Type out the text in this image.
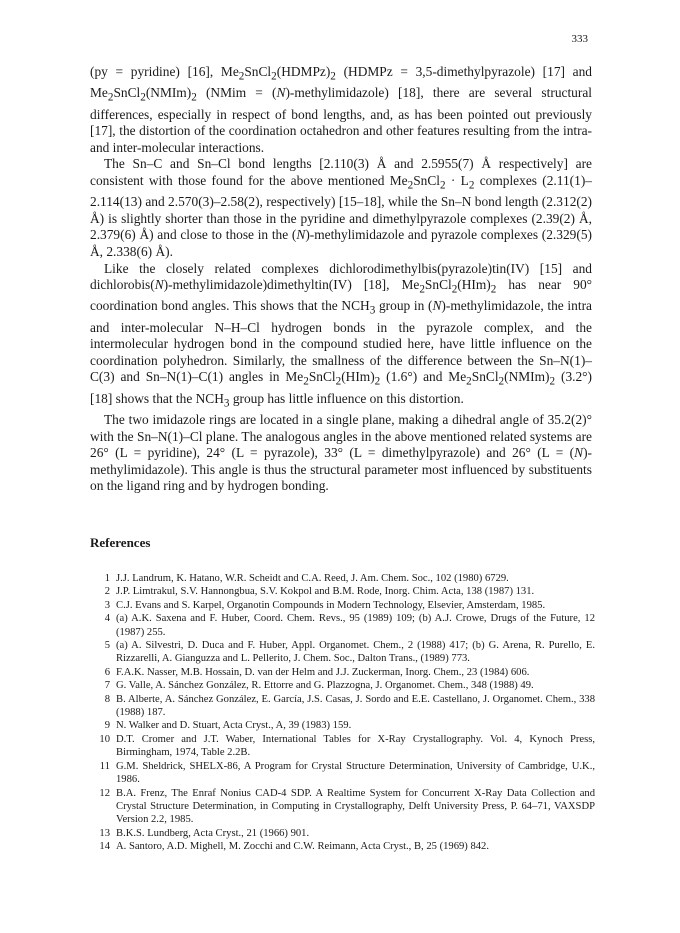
333

(py = pyridine) [16], $Me_2SnCl_2(HDMPz)_2$ (HDMPz = 3,5-dimethylpyrazole) [17] and $Me_2SnCl_2(NMIm)_2$ (NMim = (N)-methylimidazole) [18], there are several structural differences, especially in respect of bond lengths, and, as has been pointed out previously [17], the distortion of the coordination octahedron and other features resulting from the intra- and inter-molecular interactions.

The Sn–C and Sn–Cl bond lengths [2.110(3) Å and 2.5955(7) Å respectively] are consistent with those found for the above mentioned $Me_2SnCl_2 \cdot L_2$ complexes (2.11(1)–2.114(13) and 2.570(3)–2.58(2), respectively) [15–18], while the Sn–N bond length (2.312(2) Å) is slightly shorter than those in the pyridine and dimethylpyrazole complexes (2.39(2) Å, 2.379(6) Å) and close to those in the (N)-methylimidazole and pyrazole complexes (2.329(5) Å, 2.338(6) Å).

Like the closely related complexes dichlorodimethylbis(pyrazole)tin(IV) [15] and dichlorobis(N)-methylimidazole)dimethyltin(IV) [18], $Me_2SnCl_2(HIm)_2$ has near 90° coordination bond angles. This shows that the $NCH_3$ group in (N)-methylimidazole, the intra and inter-molecular N–H–Cl hydrogen bonds in the pyrazole complex, and the intermolecular hydrogen bond in the compound studied here, have little influence on the coordination polyhedron. Similarly, the smallness of the difference between the Sn–N(1)–C(3) and Sn–N(1)–C(1) angles in $Me_2SnCl_2(HIm)_2$ (1.6°) and $Me_2SnCl_2(NMIm)_2$ (3.2°) [18] shows that the $NCH_3$ group has little influence on this distortion.

The two imidazole rings are located in a single plane, making a dihedral angle of 35.2(2)° with the Sn–N(1)–Cl plane. The analogous angles in the above mentioned related systems are 26° (L = pyridine), 24° (L = pyrazole), 33° (L = dimethylpyrazole) and 26° (L = (N)-methylimidazole). This angle is thus the structural parameter most influenced by substituents on the ligand ring and by hydrogen bonding.

References
1 J.J. Landrum, K. Hatano, W.R. Scheidt and C.A. Reed, J. Am. Chem. Soc., 102 (1980) 6729.
2 J.P. Limtrakul, S.V. Hannongbua, S.V. Kokpol and B.M. Rode, Inorg. Chim. Acta, 138 (1987) 131.
3 C.J. Evans and S. Karpel, Organotin Compounds in Modern Technology, Elsevier, Amsterdam, 1985.
4 (a) A.K. Saxena and F. Huber, Coord. Chem. Revs., 95 (1989) 109; (b) A.J. Crowe, Drugs of the Future, 12 (1987) 255.
5 (a) A. Silvestri, D. Duca and F. Huber, Appl. Organomet. Chem., 2 (1988) 417; (b) G. Arena, R. Purello, E. Rizzarelli, A. Gianguzza and L. Pellerito, J. Chem. Soc., Dalton Trans., (1989) 773.
6 F.A.K. Nasser, M.B. Hossain, D. van der Helm and J.J. Zuckerman, Inorg. Chem., 23 (1984) 606.
7 G. Valle, A. Sánchez González, R. Ettorre and G. Plazzogna, J. Organomet. Chem., 348 (1988) 49.
8 B. Alberte, A. Sánchez González, E. García, J.S. Casas, J. Sordo and E.E. Castellano, J. Organomet. Chem., 338 (1988) 187.
9 N. Walker and D. Stuart, Acta Cryst., A, 39 (1983) 159.
10 D.T. Cromer and J.T. Waber, International Tables for X-Ray Crystallography. Vol. 4, Kynoch Press, Birmingham, 1974, Table 2.2B.
11 G.M. Sheldrick, SHELX-86, A Program for Crystal Structure Determination, University of Cambridge, U.K., 1986.
12 B.A. Frenz, The Enraf Nonius CAD-4 SDP. A Realtime System for Concurrent X-Ray Data Collection and Crystal Structure Determination, in Computing in Crystallography, Delft University Press, P. 64–71, VAXSDP Version 2.2, 1985.
13 B.K.S. Lundberg, Acta Cryst., 21 (1966) 901.
14 A. Santoro, A.D. Mighell, M. Zocchi and C.W. Reimann, Acta Cryst., B, 25 (1969) 842.
